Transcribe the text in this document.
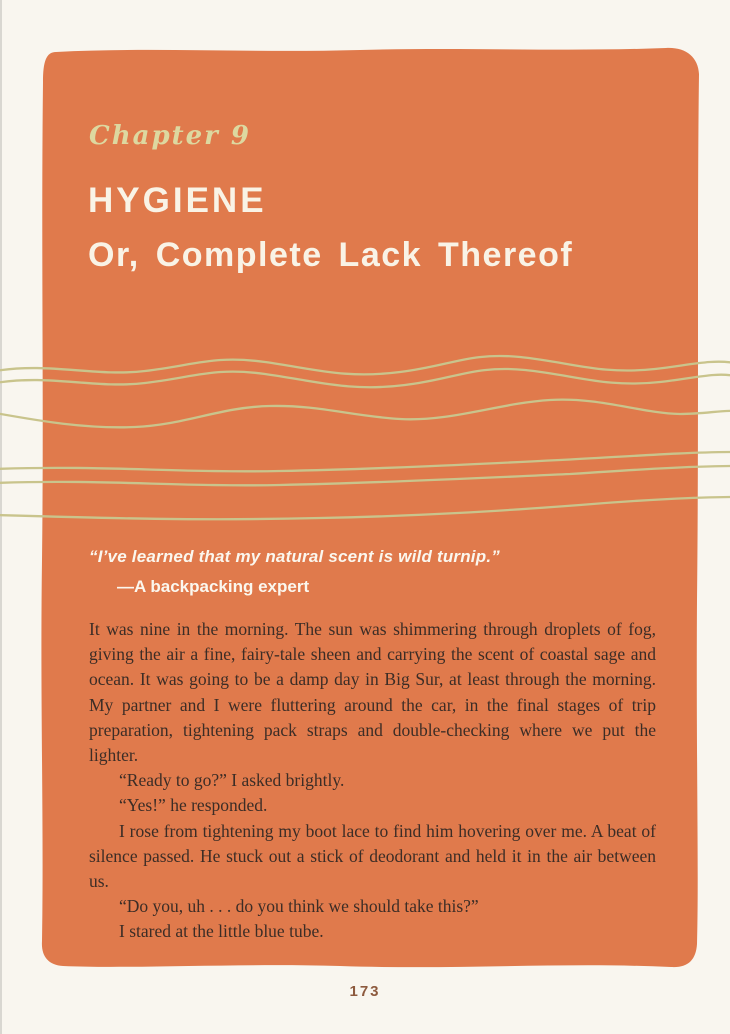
Chapter 9
HYGIENE
Or, Complete Lack Thereof
“I’ve learned that my natural scent is wild turnip.”
—A backpacking expert

It was nine in the morning. The sun was shimmering through droplets of fog, giving the air a fine, fairy-tale sheen and carrying the scent of coastal sage and ocean. It was going to be a damp day in Big Sur, at least through the morning. My partner and I were fluttering around the car, in the final stages of trip preparation, tightening pack straps and double-checking where we put the lighter.

“Ready to go?” I asked brightly.

“Yes!” he responded.

I rose from tightening my boot lace to find him hovering over me. A beat of silence passed. He stuck out a stick of deodorant and held it in the air between us.

“Do you, uh . . . do you think we should take this?”

I stared at the little blue tube.

173
